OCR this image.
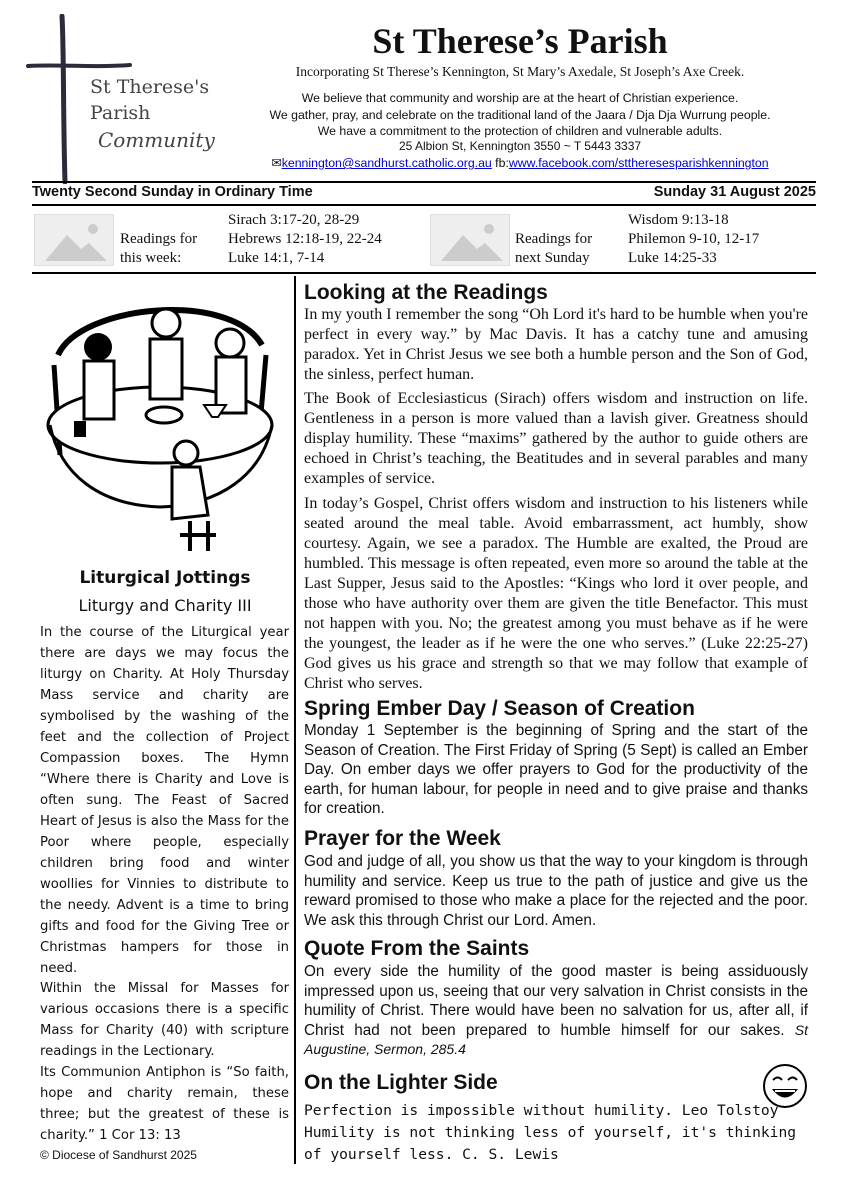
St Therese's
Parish
Community
St Therese’s Parish
Incorporating St Therese’s Kennington, St Mary’s Axedale, St Joseph’s Axe Creek.
We believe that community and worship are at the heart of Christian experience.
We gather, pray, and celebrate on the traditional land of the Jaara / Dja Dja Wurrung people.
We have a commitment to the protection of children and vulnerable adults.
25 Albion St, Kennington 3550 ~ T 5443 3337
✉kennington@sandhurst.catholic.org.au fb:www.facebook.com/sttheresesparishkennington
Twenty Second Sunday in Ordinary Time	Sunday 31 August 2025
Readings for
this week:
Sirach 3:17-20, 28-29
Hebrews 12:18-19, 22-24
Luke 14:1, 7-14
Readings for
next Sunday
Wisdom 9:13-18
Philemon 9-10, 12-17
Luke 14:25-33
Liturgical Jottings
Liturgy and Charity III
In the course of the Liturgical year there are days we may focus the liturgy on Charity. At Holy Thursday Mass service and charity are symbolised by the washing of the feet and the collection of Project Compassion boxes. The Hymn “Where there is Charity and Love is often sung. The Feast of Sacred Heart of Jesus is also the Mass for the Poor where people, especially children bring food and winter woollies for Vinnies to distribute to the needy. Advent is a time to bring gifts and food for the Giving Tree or Christmas hampers for those in need.
Within the Missal for Masses for various occasions there is a specific Mass for Charity (40) with scripture readings in the Lectionary.
Its Communion Antiphon is “So faith, hope and charity remain, these three; but the greatest of these is charity.” 1 Cor 13: 13
© Diocese of Sandhurst 2025
Looking at the Readings
In my youth I remember the song “Oh Lord it's hard to be humble when you're perfect in every way.” by Mac Davis. It has a catchy tune and amusing paradox. Yet in Christ Jesus we see both a humble person and the Son of God, the sinless, perfect human.
The Book of Ecclesiasticus (Sirach) offers wisdom and instruction on life. Gentleness in a person is more valued than a lavish giver. Greatness should display humility. These “maxims” gathered by the author to guide others are echoed in Christ’s teaching, the Beatitudes and in several parables and many examples of service.
In today’s Gospel, Christ offers wisdom and instruction to his listeners while seated around the meal table. Avoid embarrassment, act humbly, show courtesy. Again, we see a paradox. The Humble are exalted, the Proud are humbled. This message is often repeated, even more so around the table at the Last Supper, Jesus said to the Apostles: “Kings who lord it over people, and those who have authority over them are given the title Benefactor. This must not happen with you. No; the greatest among you must behave as if he were the youngest, the leader as if he were the one who serves.” (Luke 22:25-27) God gives us his grace and strength so that we may follow that example of Christ who serves.
Spring Ember Day / Season of Creation
Monday 1 September is the beginning of Spring and the start of the Season of Creation. The First Friday of Spring (5 Sept) is called an Ember Day. On ember days we offer prayers to God for the productivity of the earth, for human labour, for people in need and to give praise and thanks for creation.
Prayer for the Week
God and judge of all, you show us that the way to your kingdom is through humility and service. Keep us true to the path of justice and give us the reward promised to those who make a place for the rejected and the poor. We ask this through Christ our Lord. Amen.
Quote From the Saints
On every side the humility of the good master is being assiduously impressed upon us, seeing that our very salvation in Christ consists in the humility of Christ. There would have been no salvation for us, after all, if Christ had not been prepared to humble himself for our sakes. St Augustine, Sermon, 285.4
On the Lighter Side
Perfection is impossible without humility. Leo Tolstoy
Humility is not thinking less of yourself, it's thinking of yourself less. C. S. Lewis
